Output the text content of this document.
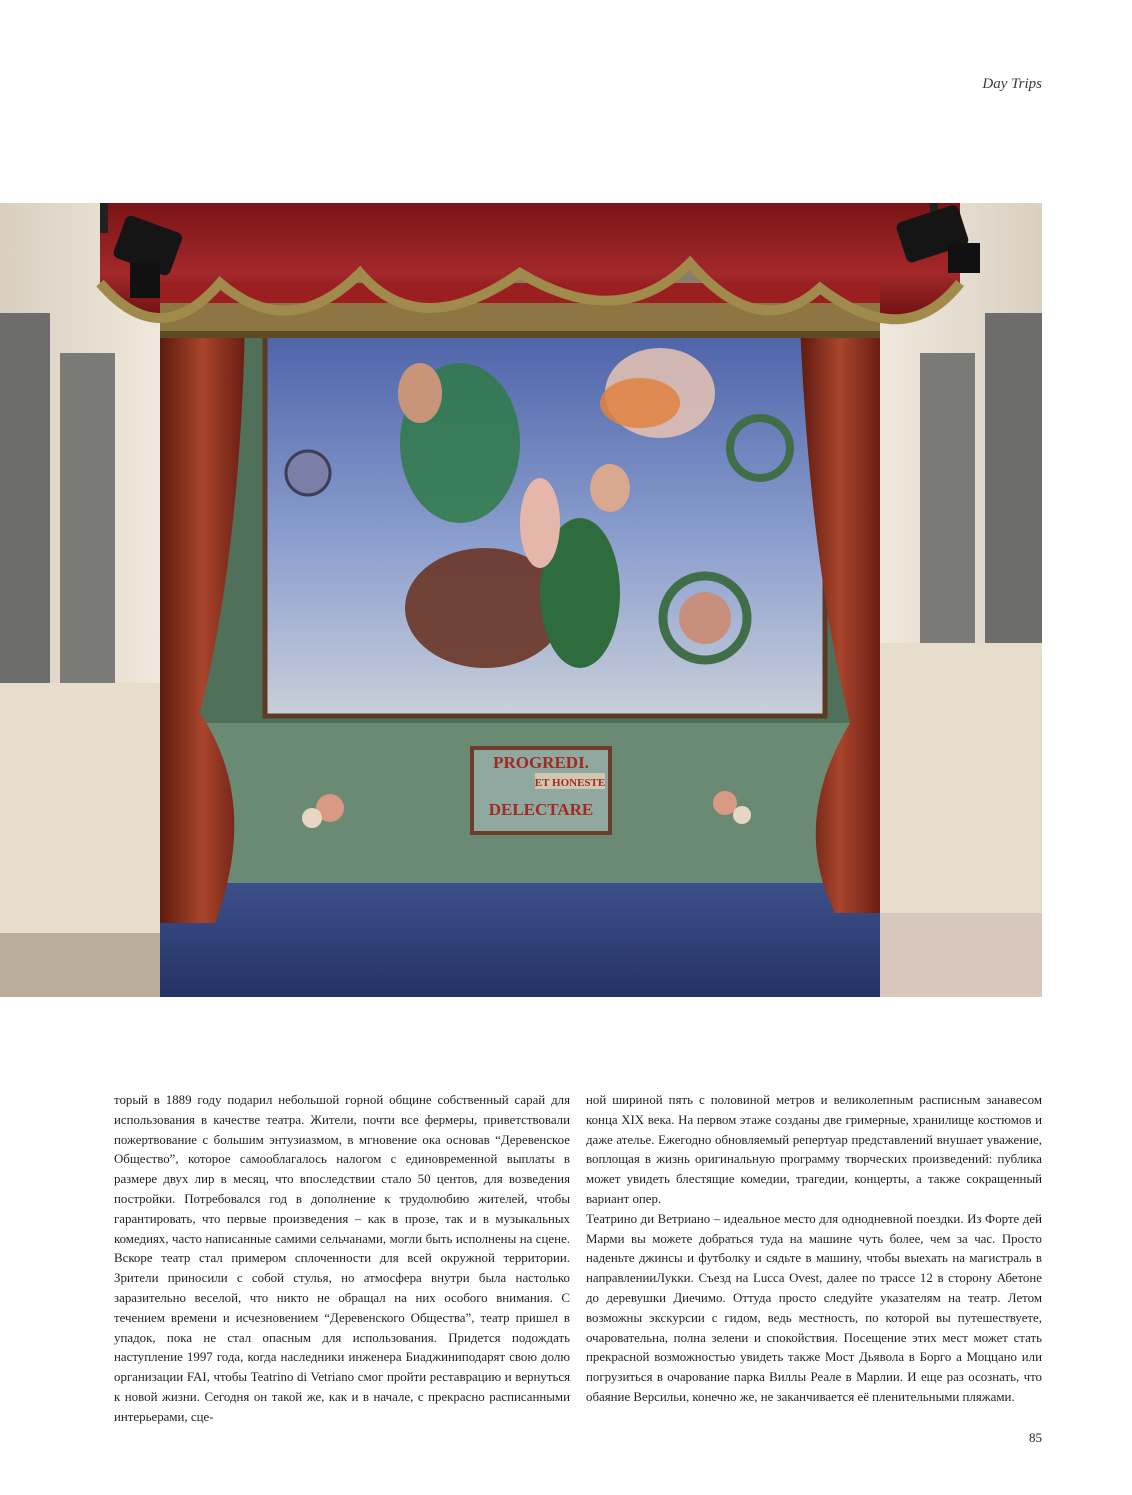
Day Trips
PROGREDI.
ET HONESTE
DELECTARE

торый в 1889 году подарил небольшой горной общине собственный сарай для использования в качестве театра. Жители, почти все фермеры, приветствовали пожертвование с большим энтузиазмом, в мгновение ока основав “Деревенское Общество”, которое самооблагалось налогом с единовременной выплаты в размере двух лир в месяц, что впоследствии стало 50 центов, для возведения постройки. Потребовался год в дополнение к трудолюбию жителей, чтобы гарантировать, что первые произведения – как в прозе, так и в музыкальных комедиях, часто написанные самими сельчанами, могли быть исполнены на сцене. Вскоре театр стал примером сплоченности для всей окружной территории. Зрители приносили с собой стулья, но атмосфера внутри была настолько заразительно веселой, что никто не обращал на них особого внимания. С течением времени и исчезновением “Деревенского Общества”, театр пришел в упадок, пока не стал опасным для использования. Придется подождать наступление 1997 года, когда наследники инженера Биаджиниподарят свою долю организации FAI, чтобы Teatrino di Vetriano смог пройти реставрацию и вернуться к новой жизни. Сегодня он такой же, как и в начале, с прекрасно расписанными интерьерами, сце-

ной шириной пять с половиной метров и великолепным расписным занавесом конца XIX века. На первом этаже созданы две гримерные, хранилище костюмов и даже ателье. Ежегодно обновляемый репертуар представлений внушает уважение, воплощая в жизнь оригинальную программу творческих произведений: публика может увидеть блестящие комедии, трагедии, концерты, а также сокращенный вариант опер.

Театрино ди Ветриано – идеальное место для однодневной поездки. Из Форте дей Марми вы можете добраться туда на машине чуть более, чем за час. Просто наденьте джинсы и футболку и сядьте в машину, чтобы выехать на магистраль в направленииЛукки. Съезд на Lucca Ovest, далее по трассе 12 в сторону Абетоне до деревушки Диечимо. Оттуда просто следуйте указателям на театр. Летом возможны экскурсии с гидом, ведь местность, по которой вы путешествуете, очаровательна, полна зелени и спокойствия. Посещение этих мест может стать прекрасной возможностью увидеть также Мост Дьявола в Борго а Моццано или погрузиться в очарование парка Виллы Реале в Марлии. И еще раз осознать, что обаяние Версильи, конечно же, не заканчивается её пленительными пляжами.

85
